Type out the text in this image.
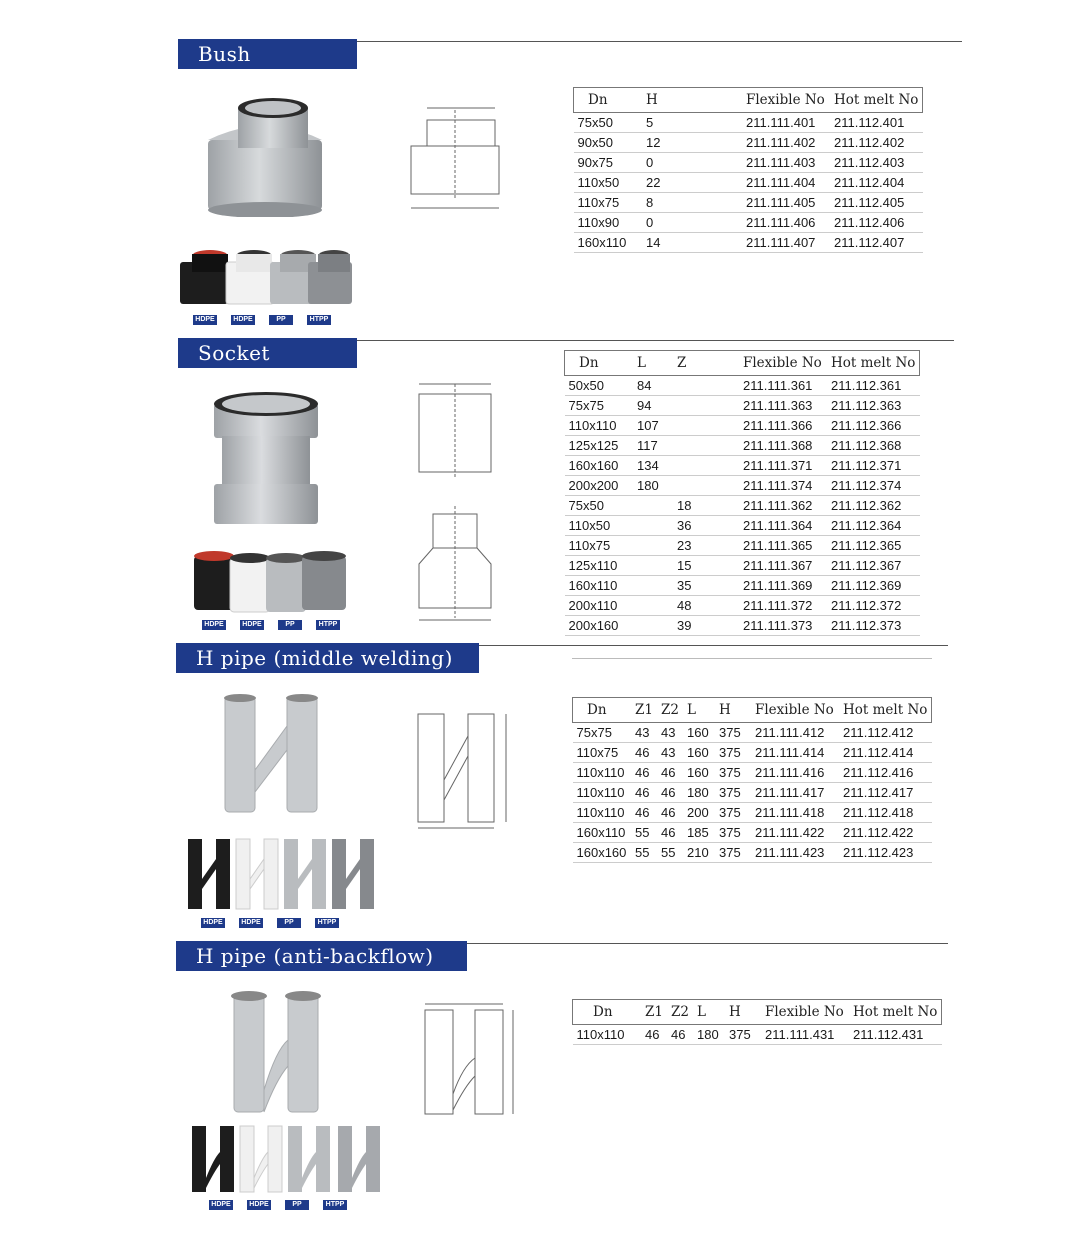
Bush
HDPE	HDPE	PP	HTPP
Dn	H	Flexible No	Hot melt No
75x50	5	211.111.401	211.112.401
90x50	12	211.111.402	211.112.402
90x75	0	211.111.403	211.112.403
110x50	22	211.111.404	211.112.404
110x75	8	211.111.405	211.112.405
110x90	0	211.111.406	211.112.406
160x110	14	211.111.407	211.112.407
Socket
HDPE	HDPE	PP	HTPP
Dn	L	Z	Flexible No	Hot melt No
50x50	84		211.111.361	211.112.361
75x75	94		211.111.363	211.112.363
110x110	107		211.111.366	211.112.366
125x125	117		211.111.368	211.112.368
160x160	134		211.111.371	211.112.371
200x200	180		211.111.374	211.112.374
75x50		18	211.111.362	211.112.362
110x50		36	211.111.364	211.112.364
110x75		23	211.111.365	211.112.365
125x110		15	211.111.367	211.112.367
160x110		35	211.111.369	211.112.369
200x110		48	211.111.372	211.112.372
200x160		39	211.111.373	211.112.373
H pipe (middle welding)
HDPE	HDPE	PP	HTPP
Dn	Z1	Z2	L	H	Flexible No	Hot melt No
75x75	43	43	160	375	211.111.412	211.112.412
110x75	46	43	160	375	211.111.414	211.112.414
110x110	46	46	160	375	211.111.416	211.112.416
110x110	46	46	180	375	211.111.417	211.112.417
110x110	46	46	200	375	211.111.418	211.112.418
160x110	55	46	185	375	211.111.422	211.112.422
160x160	55	55	210	375	211.111.423	211.112.423
H pipe (anti-backflow)
HDPE	HDPE	PP	HTPP
Dn	Z1	Z2	L	H	Flexible No	Hot melt No
110x110	46	46	180	375	211.111.431	211.112.431
